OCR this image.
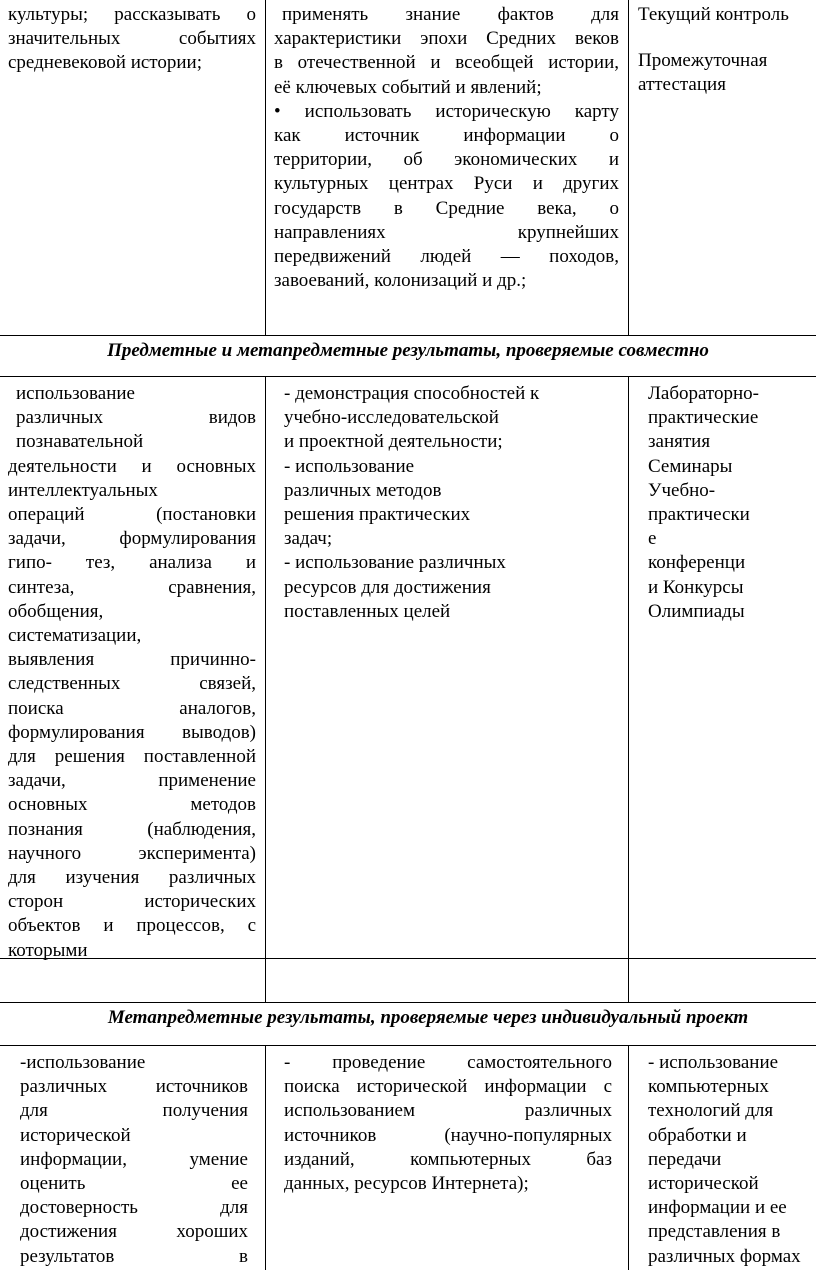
культуры; рассказывать о

значительных событиях

средневековой истории;

применять знание фактов для

характеристики эпохи Средних веков

в отечественной и всеобщей истории,

её ключевых событий и явлений;

• использовать историческую карту

как источник информации о

территории, об экономических и

культурных центрах Руси и других

государств в Средние века, о

направлениях крупнейших

передвижений людей — походов,

завоеваний, колонизаций и др.;

Текущий контроль

Промежуточная

аттестация

Предметные и метапредметные результаты, проверяемые совместно

использование

различных видов

познавательной

деятельности и основных

интеллектуальных

операций (постановки

задачи, формулирования

гипо- тез, анализа и

синтеза, сравнения,

обобщения,

систематизации,

выявления причинно-

следственных связей,

поиска аналогов,

формулирования выводов)

для решения поставленной

задачи, применение

основных методов

познания (наблюдения,

научного эксперимента)

для изучения различных

сторон исторических

объектов и процессов, с

которыми

- демонстрация способностей к

учебно-исследовательской

и проектной деятельности;

- использование

различных методов

решения практических

задач;

- использование различных

ресурсов для достижения

поставленных целей

Лабораторно-

практические

занятия

Семинары

Учебно-

практически

е

конференци

и Конкурсы

Олимпиады

Метапредметные результаты, проверяемые через индивидуальный проект

-использование

различных источников

для получения

исторической

информации, умение

оценить ее

достоверность для

достижения хороших

результатов в

- проведение самостоятельного

поиска исторической информации с

использованием различных

источников (научно-популярных

изданий, компьютерных баз

данных, ресурсов Интернета);

- использование

компьютерных

технологий для

обработки и

передачи

исторической

информации и ее

представления в

различных формах
